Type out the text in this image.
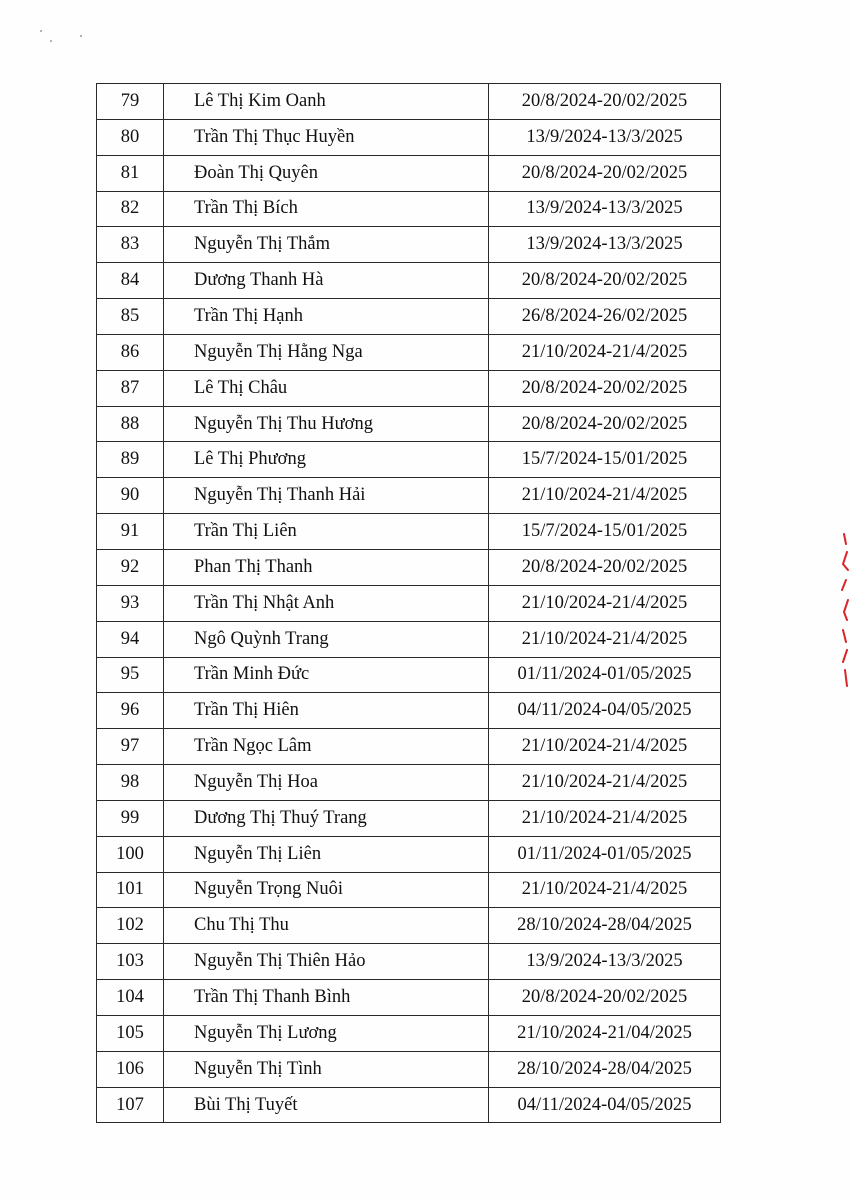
79	Lê Thị Kim Oanh	20/8/2024-20/02/2025
80	Trần Thị Thục Huyền	13/9/2024-13/3/2025
81	Đoàn Thị Quyên	20/8/2024-20/02/2025
82	Trần Thị Bích	13/9/2024-13/3/2025
83	Nguyễn Thị Thắm	13/9/2024-13/3/2025
84	Dương Thanh Hà	20/8/2024-20/02/2025
85	Trần Thị Hạnh	26/8/2024-26/02/2025
86	Nguyễn Thị Hằng Nga	21/10/2024-21/4/2025
87	Lê Thị Châu	20/8/2024-20/02/2025
88	Nguyễn Thị Thu Hương	20/8/2024-20/02/2025
89	Lê Thị Phương	15/7/2024-15/01/2025
90	Nguyễn Thị Thanh Hải	21/10/2024-21/4/2025
91	Trần Thị Liên	15/7/2024-15/01/2025
92	Phan Thị Thanh	20/8/2024-20/02/2025
93	Trần Thị Nhật Anh	21/10/2024-21/4/2025
94	Ngô Quỳnh Trang	21/10/2024-21/4/2025
95	Trần Minh Đức	01/11/2024-01/05/2025
96	Trần Thị Hiên	04/11/2024-04/05/2025
97	Trần Ngọc Lâm	21/10/2024-21/4/2025
98	Nguyễn Thị Hoa	21/10/2024-21/4/2025
99	Dương Thị Thuý Trang	21/10/2024-21/4/2025
100	Nguyễn Thị Liên	01/11/2024-01/05/2025
101	Nguyễn Trọng Nuôi	21/10/2024-21/4/2025
102	Chu Thị Thu	28/10/2024-28/04/2025
103	Nguyễn Thị Thiên Hảo	13/9/2024-13/3/2025
104	Trần Thị Thanh Bình	20/8/2024-20/02/2025
105	Nguyễn Thị Lương	21/10/2024-21/04/2025
106	Nguyễn Thị Tình	28/10/2024-28/04/2025
107	Bùi Thị Tuyết	04/11/2024-04/05/2025
